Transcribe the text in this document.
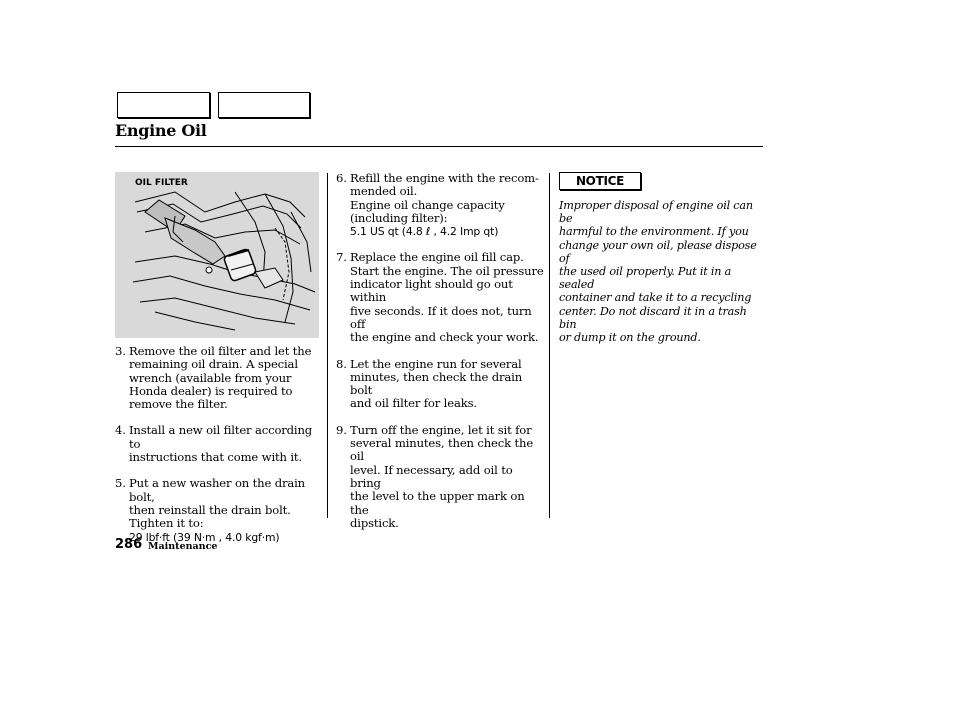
Engine Oil
OIL FILTER
3. Remove the oil filter and let the
remaining oil drain. A special
wrench (available from your
Honda dealer) is required to
remove the filter.
4. Install a new oil filter according to
instructions that come with it.
5. Put a new washer on the drain bolt,
then reinstall the drain bolt.
Tighten it to:
29 lbf·ft (39 N·m , 4.0 kgf·m)
6. Refill the engine with the recom-
mended oil.
Engine oil change capacity
(including filter):
5.1 US qt (4.8 ℓ , 4.2 Imp qt)
7. Replace the engine oil fill cap.
Start the engine. The oil pressure
indicator light should go out within
five seconds. If it does not, turn off
the engine and check your work.
8. Let the engine run for several
minutes, then check the drain bolt
and oil filter for leaks.
9. Turn off the engine, let it sit for
several minutes, then check the oil
level. If necessary, add oil to bring
the level to the upper mark on the
dipstick.
NOTICE
Improper disposal of engine oil can be
harmful to the environment. If you
change your own oil, please dispose of
the used oil properly. Put it in a sealed
container and take it to a recycling
center. Do not discard it in a trash bin
or dump it on the ground.
286 Maintenance
